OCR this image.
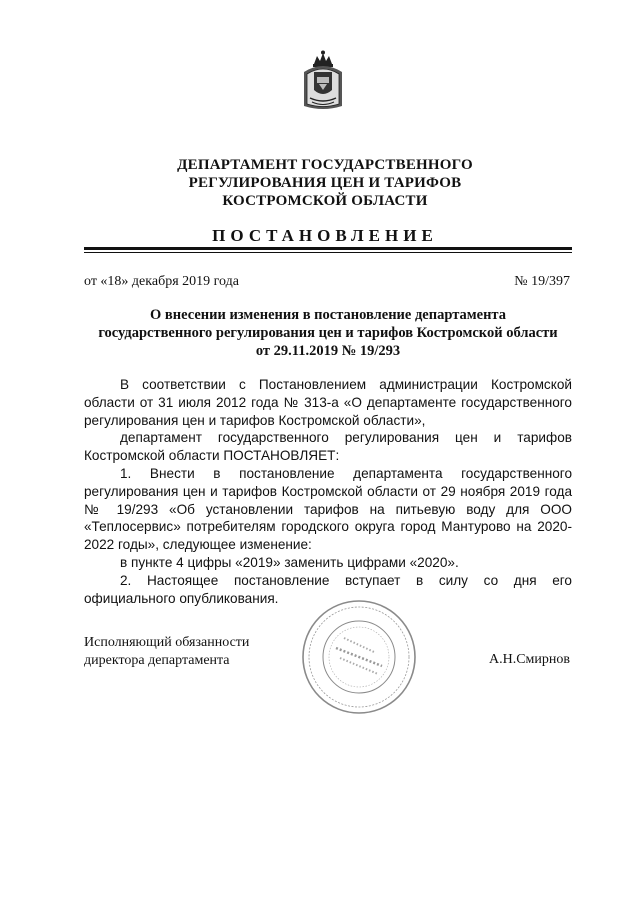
ДЕПАРТАМЕНТ ГОСУДАРСТВЕННОГО
РЕГУЛИРОВАНИЯ ЦЕН И ТАРИФОВ
КОСТРОМСКОЙ ОБЛАСТИ
ПОСТАНОВЛЕНИЕ
от «18» декабря 2019 года	№ 19/397
О внесении изменения в постановление департамента
государственного регулирования цен и тарифов Костромской области
от 29.11.2019 № 19/293

В соответствии с Постановлением администрации Костромской области от 31 июля 2012 года № 313-а «О департаменте государственного регулирования цен и тарифов Костромской области»,

департамент государственного регулирования цен и тарифов Костромской области ПОСТАНОВЛЯЕТ:

1. Внести в постановление департамента государственного регулирования цен и тарифов Костромской области от 29 ноября 2019 года № 19/293 «Об установлении тарифов на питьевую воду для ООО «Теплосервис» потребителям городского округа город Мантурово на 2020-2022 годы», следующее изменение:

в пункте 4 цифры «2019» заменить цифрами «2020».

2. Настоящее постановление вступает в силу со дня его официального опубликования.

Исполняющий обязанности
директора департамента	А.Н.Смирнов
